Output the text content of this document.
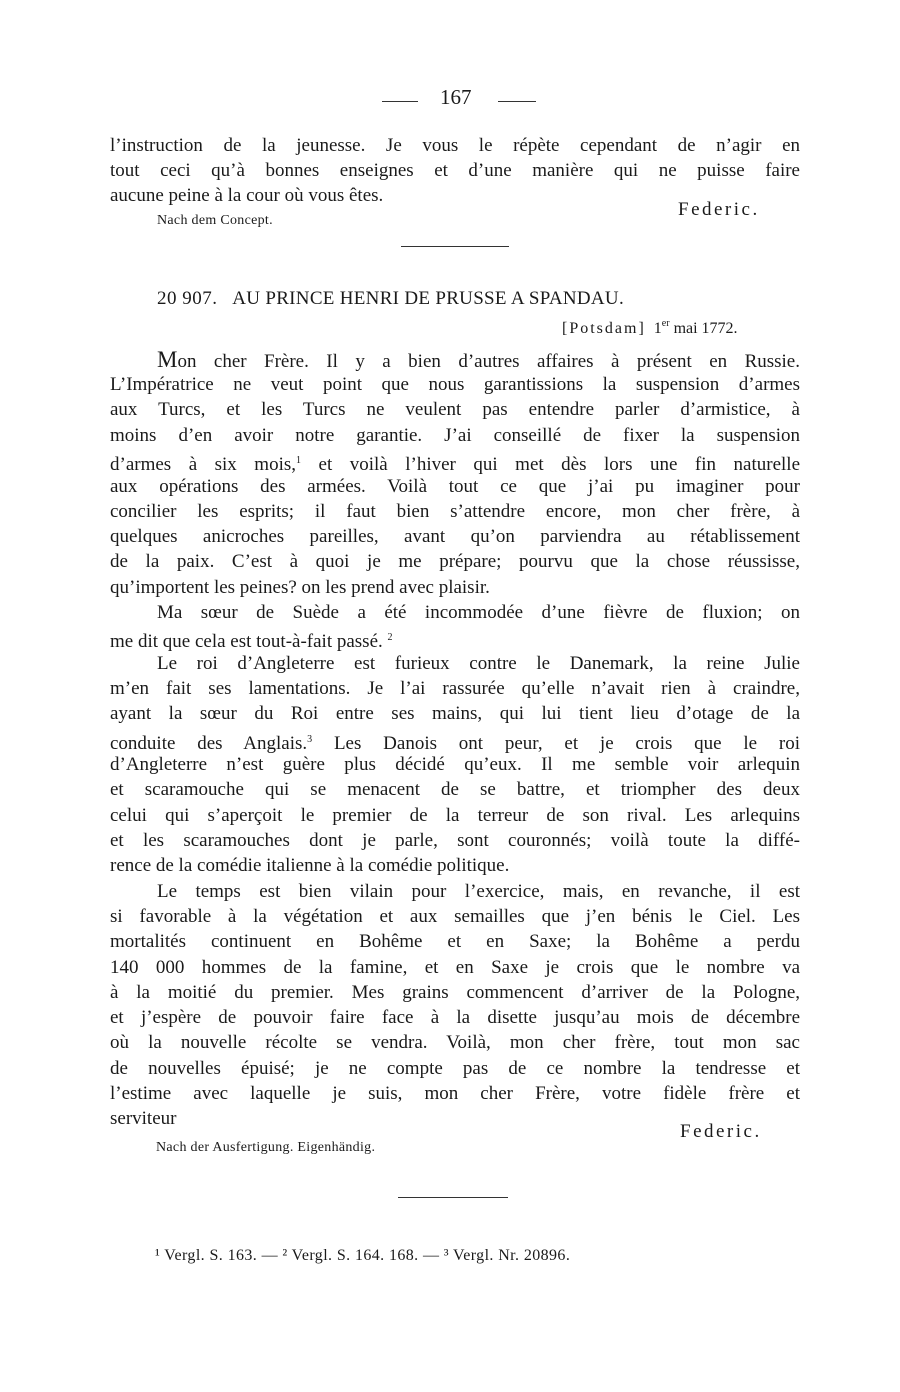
167
l’instruction de la jeunesse. Je vous le répète cependant de n’agir en
tout ceci qu’à bonnes enseignes et d’une manière qui ne puisse faire
aucune peine à la cour où vous êtes.
Federic.
Nach dem Concept.
20 907. AU PRINCE HENRI DE PRUSSE A SPANDAU.
[Potsdam] 1er mai 1772.
Mon cher Frère. Il y a bien d’autres affaires à présent en Russie.
L’Impératrice ne veut point que nous garantissions la suspension d’armes
aux Turcs, et les Turcs ne veulent pas entendre parler d’armistice, à
moins d’en avoir notre garantie. J’ai conseillé de fixer la suspension
d’armes à six mois,$^1$ et voilà l’hiver qui met dès lors une fin naturelle
aux opérations des armées. Voilà tout ce que j’ai pu imaginer pour
concilier les esprits; il faut bien s’attendre encore, mon cher frère, à
quelques anicroches pareilles, avant qu’on parviendra au rétablissement
de la paix. C’est à quoi je me prépare; pourvu que la chose réussisse,
qu’importent les peines? on les prend avec plaisir.
Ma sœur de Suède a été incommodée d’une fièvre de fluxion; on
me dit que cela est tout-à-fait passé. $^2$
Le roi d’Angleterre est furieux contre le Danemark, la reine Julie
m’en fait ses lamentations. Je l’ai rassurée qu’elle n’avait rien à craindre,
ayant la sœur du Roi entre ses mains, qui lui tient lieu d’otage de la
conduite des Anglais.$^3$ Les Danois ont peur, et je crois que le roi
d’Angleterre n’est guère plus décidé qu’eux. Il me semble voir arlequin
et scaramouche qui se menacent de se battre, et triompher des deux
celui qui s’aperçoit le premier de la terreur de son rival. Les arlequins
et les scaramouches dont je parle, sont couronnés; voilà toute la diffé-
rence de la comédie italienne à la comédie politique.
Le temps est bien vilain pour l’exercice, mais, en revanche, il est
si favorable à la végétation et aux semailles que j’en bénis le Ciel. Les
mortalités continuent en Bohême et en Saxe; la Bohême a perdu
140 000 hommes de la famine, et en Saxe je crois que le nombre va
à la moitié du premier. Mes grains commencent d’arriver de la Pologne,
et j’espère de pouvoir faire face à la disette jusqu’au mois de décembre
où la nouvelle récolte se vendra. Voilà, mon cher frère, tout mon sac
de nouvelles épuisé; je ne compte pas de ce nombre la tendresse et
l’estime avec laquelle je suis, mon cher Frère, votre fidèle frère et
serviteur
Federic.
Nach der Ausfertigung. Eigenhändig.
¹ Vergl. S. 163. — ² Vergl. S. 164. 168. — ³ Vergl. Nr. 20896.
